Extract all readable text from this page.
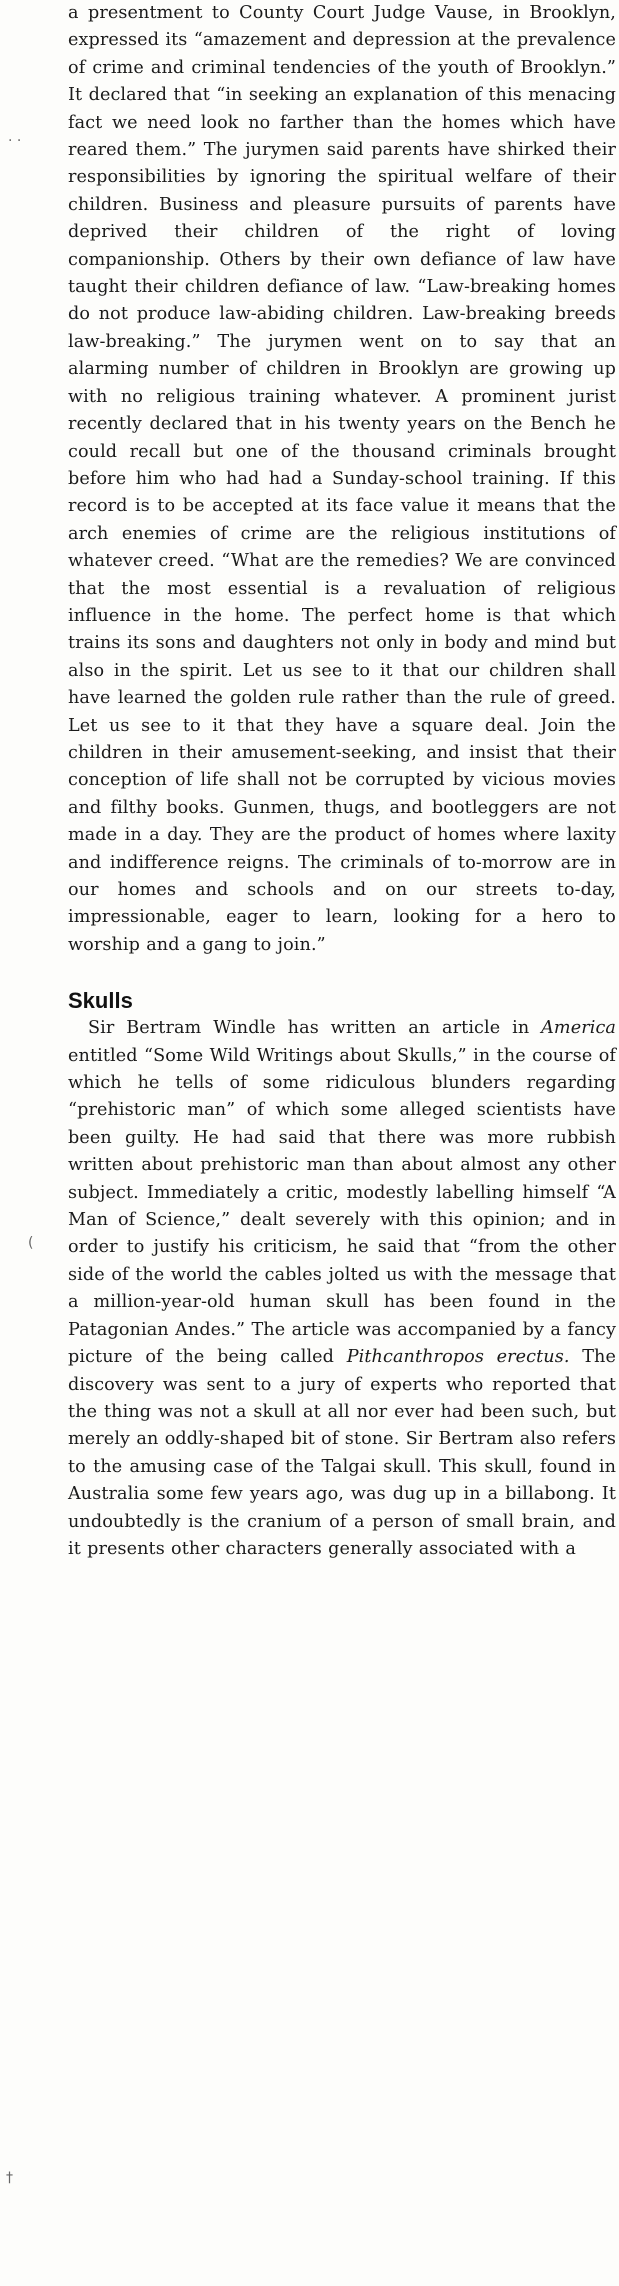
· ·
(
†

a presentment to County Court Judge Vause, in Brooklyn, expressed its “amazement and depression at the prevalence of crime and criminal tendencies of the youth of Brooklyn.” It declared that “in seeking an explanation of this menacing fact we need look no farther than the homes which have reared them.” The jurymen said parents have shirked their responsibilities by ignoring the spiritual welfare of their children. Business and pleasure pursuits of parents have deprived their children of the right of loving companionship. Others by their own defiance of law have taught their children defiance of law. “Law-breaking homes do not produce law-abiding children. Law-breaking breeds law-breaking.” The jurymen went on to say that an alarming number of children in Brooklyn are growing up with no religious training whatever. A prominent jurist recently declared that in his twenty years on the Bench he could recall but one of the thousand criminals brought before him who had had a Sunday-school training. If this record is to be accepted at its face value it means that the arch enemies of crime are the religious institutions of whatever creed. “What are the remedies? We are convinced that the most essential is a revaluation of religious influence in the home. The perfect home is that which trains its sons and daughters not only in body and mind but also in the spirit. Let us see to it that our children shall have learned the golden rule rather than the rule of greed. Let us see to it that they have a square deal. Join the children in their amusement-seeking, and insist that their conception of life shall not be corrupted by vicious movies and filthy books. Gunmen, thugs, and bootleggers are not made in a day. They are the product of homes where laxity and indifference reigns. The criminals of to-morrow are in our homes and schools and on our streets to-day, impressionable, eager to learn, looking for a hero to worship and a gang to join.”

Skulls

Sir Bertram Windle has written an article in America entitled “Some Wild Writings about Skulls,” in the course of which he tells of some ridiculous blunders regarding “prehistoric man” of which some alleged scientists have been guilty. He had said that there was more rubbish written about prehistoric man than about almost any other subject. Immediately a critic, modestly labelling himself “A Man of Science,” dealt severely with this opinion; and in order to justify his criticism, he said that “from the other side of the world the cables jolted us with the message that a million-year-old human skull has been found in the Patagonian Andes.” The article was accompanied by a fancy picture of the being called Pithcanthropos erectus. The discovery was sent to a jury of experts who reported that the thing was not a skull at all nor ever had been such, but merely an oddly-shaped bit of stone. Sir Bertram also refers to the amusing case of the Talgai skull. This skull, found in Australia some few years ago, was dug up in a billabong. It undoubtedly is the cranium of a person of small brain, and it presents other characters generally associated with a
